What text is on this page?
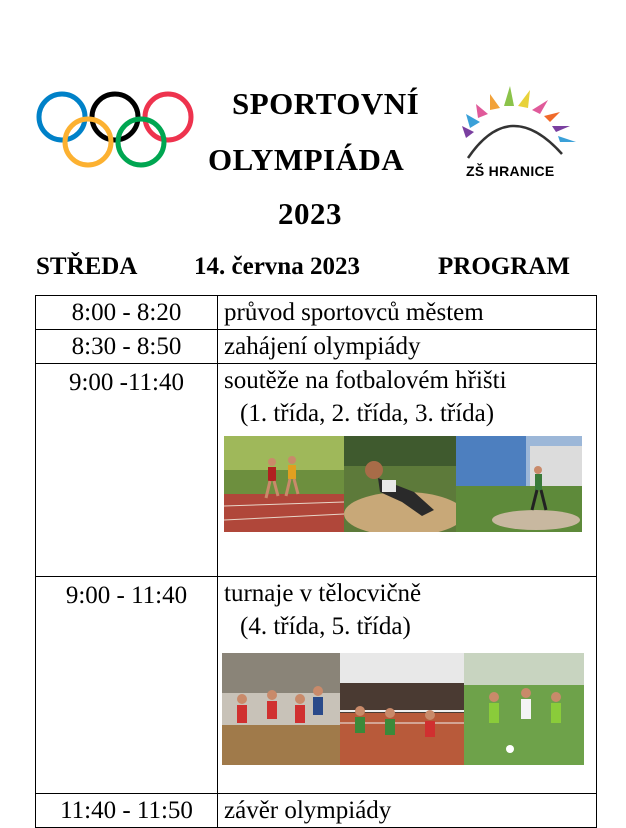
SPORTOVNÍ
OLYMPIÁDA
2023
ZŠ HRANICE
STŘEDA 14. června 2023	PROGRAM
8:00 - 8:20	průvod sportovců městem
8:30 - 8:50	zahájení olympiády

9:00 -11:40	soutěže na fotbalovém hřišti
(1. třída, 2. třída, 3. třída)

9:00 - 11:40	turnaje v tělocvičně
(4. třída, 5. třída)

11:40 - 11:50	závěr olympiády
